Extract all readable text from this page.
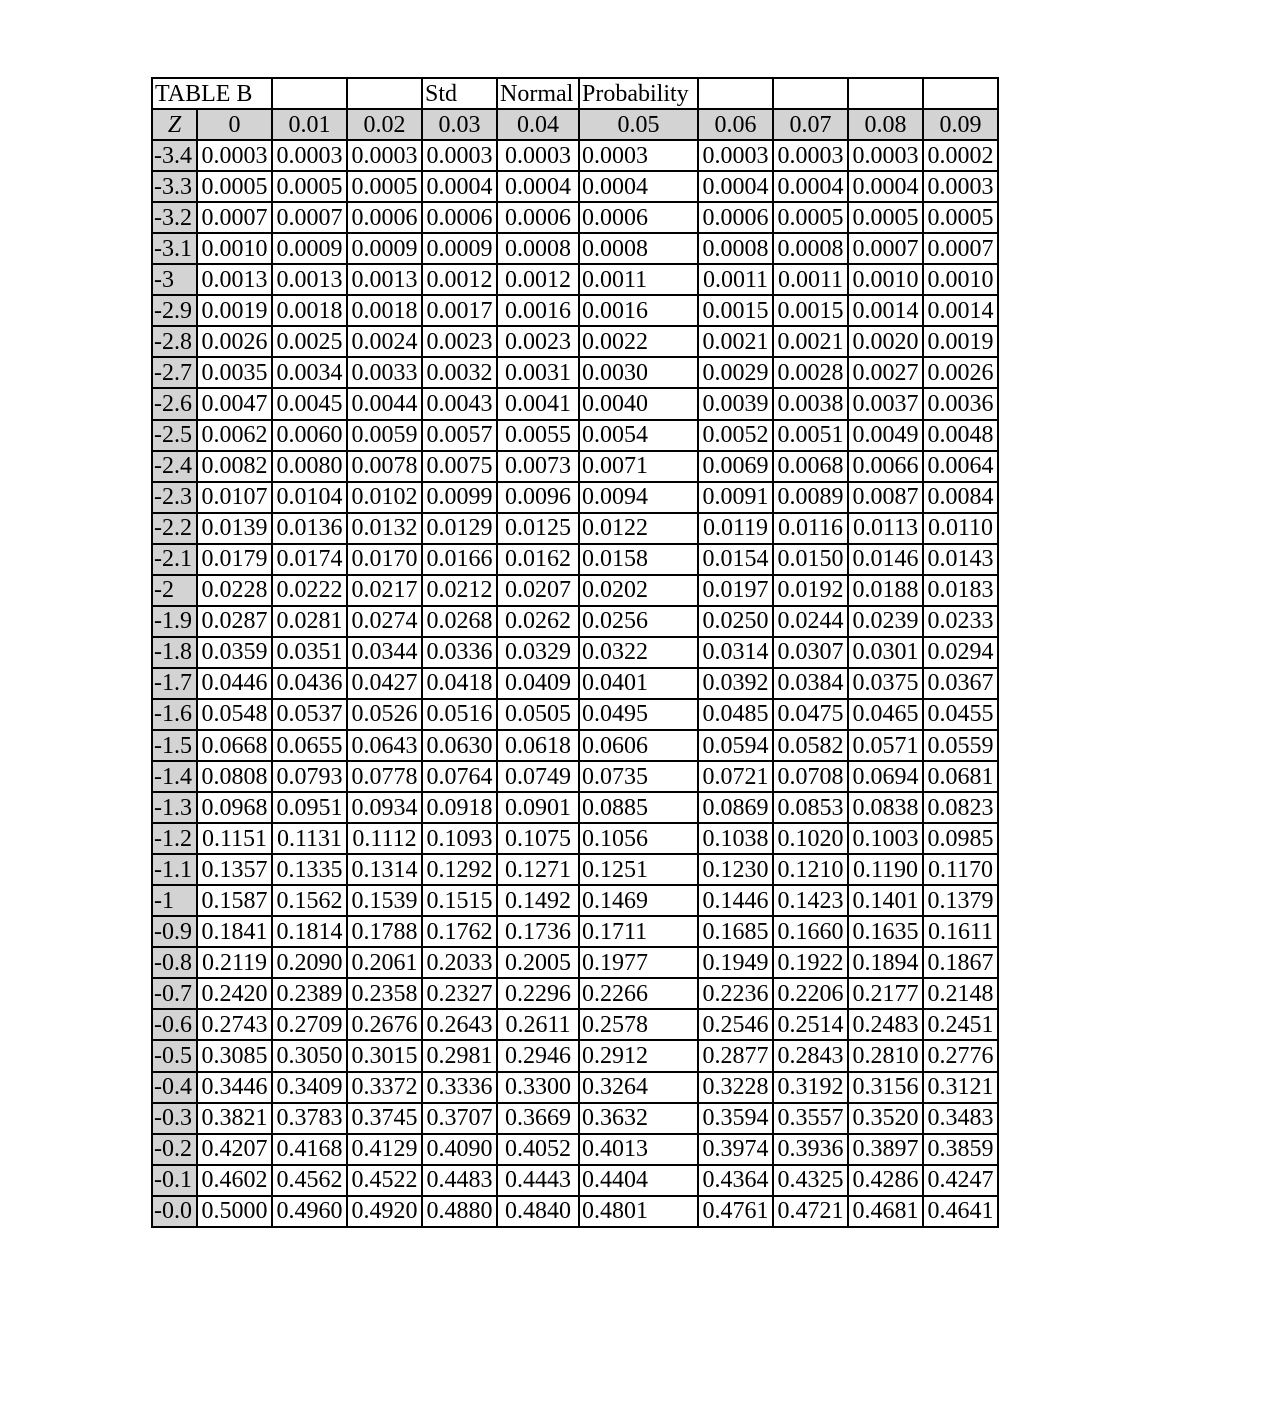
TABLE B				Std	Normal	Probability				
Z	0	0.01	0.02	0.03	0.04	0.05	0.06	0.07	0.08	0.09
-3.4	0.0003	0.0003	0.0003	0.0003	0.0003	0.0003	0.0003	0.0003	0.0003	0.0002
-3.3	0.0005	0.0005	0.0005	0.0004	0.0004	0.0004	0.0004	0.0004	0.0004	0.0003
-3.2	0.0007	0.0007	0.0006	0.0006	0.0006	0.0006	0.0006	0.0005	0.0005	0.0005
-3.1	0.0010	0.0009	0.0009	0.0009	0.0008	0.0008	0.0008	0.0008	0.0007	0.0007
-3	0.0013	0.0013	0.0013	0.0012	0.0012	0.0011	0.0011	0.0011	0.0010	0.0010
-2.9	0.0019	0.0018	0.0018	0.0017	0.0016	0.0016	0.0015	0.0015	0.0014	0.0014
-2.8	0.0026	0.0025	0.0024	0.0023	0.0023	0.0022	0.0021	0.0021	0.0020	0.0019
-2.7	0.0035	0.0034	0.0033	0.0032	0.0031	0.0030	0.0029	0.0028	0.0027	0.0026
-2.6	0.0047	0.0045	0.0044	0.0043	0.0041	0.0040	0.0039	0.0038	0.0037	0.0036
-2.5	0.0062	0.0060	0.0059	0.0057	0.0055	0.0054	0.0052	0.0051	0.0049	0.0048
-2.4	0.0082	0.0080	0.0078	0.0075	0.0073	0.0071	0.0069	0.0068	0.0066	0.0064
-2.3	0.0107	0.0104	0.0102	0.0099	0.0096	0.0094	0.0091	0.0089	0.0087	0.0084
-2.2	0.0139	0.0136	0.0132	0.0129	0.0125	0.0122	0.0119	0.0116	0.0113	0.0110
-2.1	0.0179	0.0174	0.0170	0.0166	0.0162	0.0158	0.0154	0.0150	0.0146	0.0143
-2	0.0228	0.0222	0.0217	0.0212	0.0207	0.0202	0.0197	0.0192	0.0188	0.0183
-1.9	0.0287	0.0281	0.0274	0.0268	0.0262	0.0256	0.0250	0.0244	0.0239	0.0233
-1.8	0.0359	0.0351	0.0344	0.0336	0.0329	0.0322	0.0314	0.0307	0.0301	0.0294
-1.7	0.0446	0.0436	0.0427	0.0418	0.0409	0.0401	0.0392	0.0384	0.0375	0.0367
-1.6	0.0548	0.0537	0.0526	0.0516	0.0505	0.0495	0.0485	0.0475	0.0465	0.0455
-1.5	0.0668	0.0655	0.0643	0.0630	0.0618	0.0606	0.0594	0.0582	0.0571	0.0559
-1.4	0.0808	0.0793	0.0778	0.0764	0.0749	0.0735	0.0721	0.0708	0.0694	0.0681
-1.3	0.0968	0.0951	0.0934	0.0918	0.0901	0.0885	0.0869	0.0853	0.0838	0.0823
-1.2	0.1151	0.1131	0.1112	0.1093	0.1075	0.1056	0.1038	0.1020	0.1003	0.0985
-1.1	0.1357	0.1335	0.1314	0.1292	0.1271	0.1251	0.1230	0.1210	0.1190	0.1170
-1	0.1587	0.1562	0.1539	0.1515	0.1492	0.1469	0.1446	0.1423	0.1401	0.1379
-0.9	0.1841	0.1814	0.1788	0.1762	0.1736	0.1711	0.1685	0.1660	0.1635	0.1611
-0.8	0.2119	0.2090	0.2061	0.2033	0.2005	0.1977	0.1949	0.1922	0.1894	0.1867
-0.7	0.2420	0.2389	0.2358	0.2327	0.2296	0.2266	0.2236	0.2206	0.2177	0.2148
-0.6	0.2743	0.2709	0.2676	0.2643	0.2611	0.2578	0.2546	0.2514	0.2483	0.2451
-0.5	0.3085	0.3050	0.3015	0.2981	0.2946	0.2912	0.2877	0.2843	0.2810	0.2776
-0.4	0.3446	0.3409	0.3372	0.3336	0.3300	0.3264	0.3228	0.3192	0.3156	0.3121
-0.3	0.3821	0.3783	0.3745	0.3707	0.3669	0.3632	0.3594	0.3557	0.3520	0.3483
-0.2	0.4207	0.4168	0.4129	0.4090	0.4052	0.4013	0.3974	0.3936	0.3897	0.3859
-0.1	0.4602	0.4562	0.4522	0.4483	0.4443	0.4404	0.4364	0.4325	0.4286	0.4247
-0.0	0.5000	0.4960	0.4920	0.4880	0.4840	0.4801	0.4761	0.4721	0.4681	0.4641
